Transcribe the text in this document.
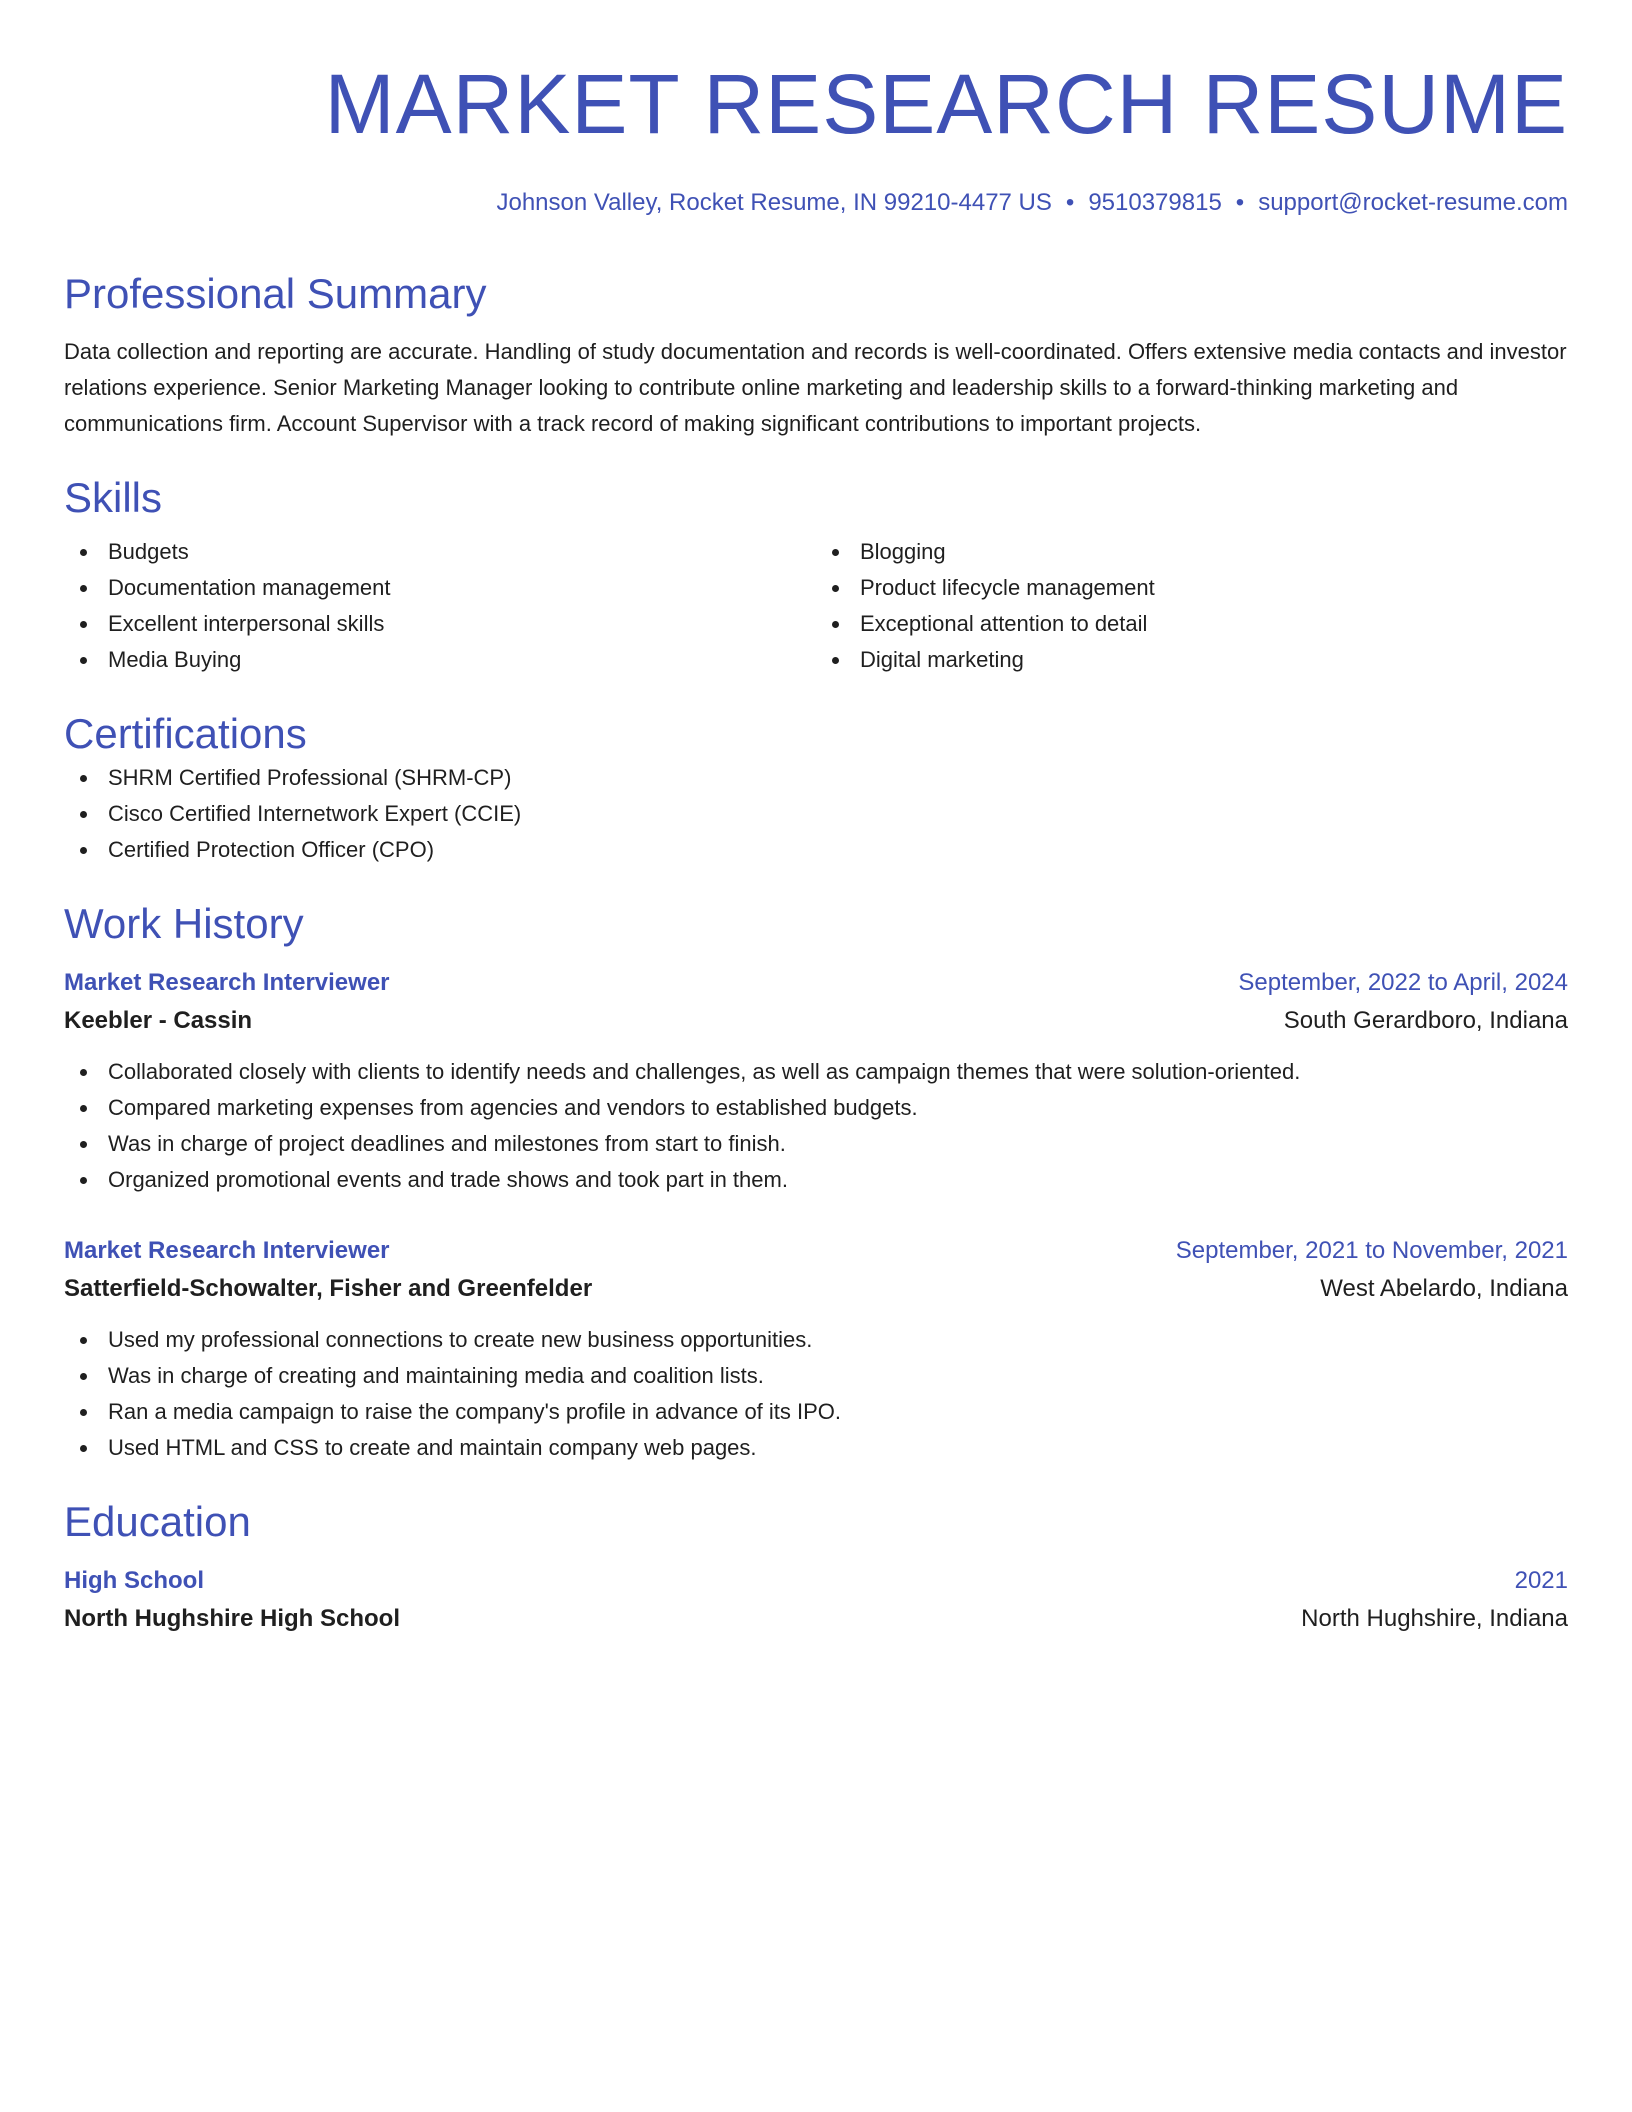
MARKET RESEARCH RESUME
Johnson Valley, Rocket Resume, IN 99210-4477 US • 9510379815 • support@rocket-resume.com
Professional Summary

Data collection and reporting are accurate. Handling of study documentation and records is well-coordinated. Offers extensive media contacts and investor relations experience. Senior Marketing Manager looking to contribute online marketing and leadership skills to a forward-thinking marketing and communications firm. Account Supervisor with a track record of making significant contributions to important projects.

Skills
Budgets
Documentation management
Excellent interpersonal skills
Media Buying
Blogging
Product lifecycle management
Exceptional attention to detail
Digital marketing
Certifications
SHRM Certified Professional (SHRM-CP)
Cisco Certified Internetwork Expert (CCIE)
Certified Protection Officer (CPO)
Work History
Market Research Interviewer	September, 2022 to April, 2024
Keebler - Cassin	South Gerardboro, Indiana
Collaborated closely with clients to identify needs and challenges, as well as campaign themes that were solution-oriented.
Compared marketing expenses from agencies and vendors to established budgets.
Was in charge of project deadlines and milestones from start to finish.
Organized promotional events and trade shows and took part in them.
Market Research Interviewer	September, 2021 to November, 2021
Satterfield-Schowalter, Fisher and Greenfelder	West Abelardo, Indiana
Used my professional connections to create new business opportunities.
Was in charge of creating and maintaining media and coalition lists.
Ran a media campaign to raise the company's profile in advance of its IPO.
Used HTML and CSS to create and maintain company web pages.
Education
High School	2021
North Hughshire High School	North Hughshire, Indiana
